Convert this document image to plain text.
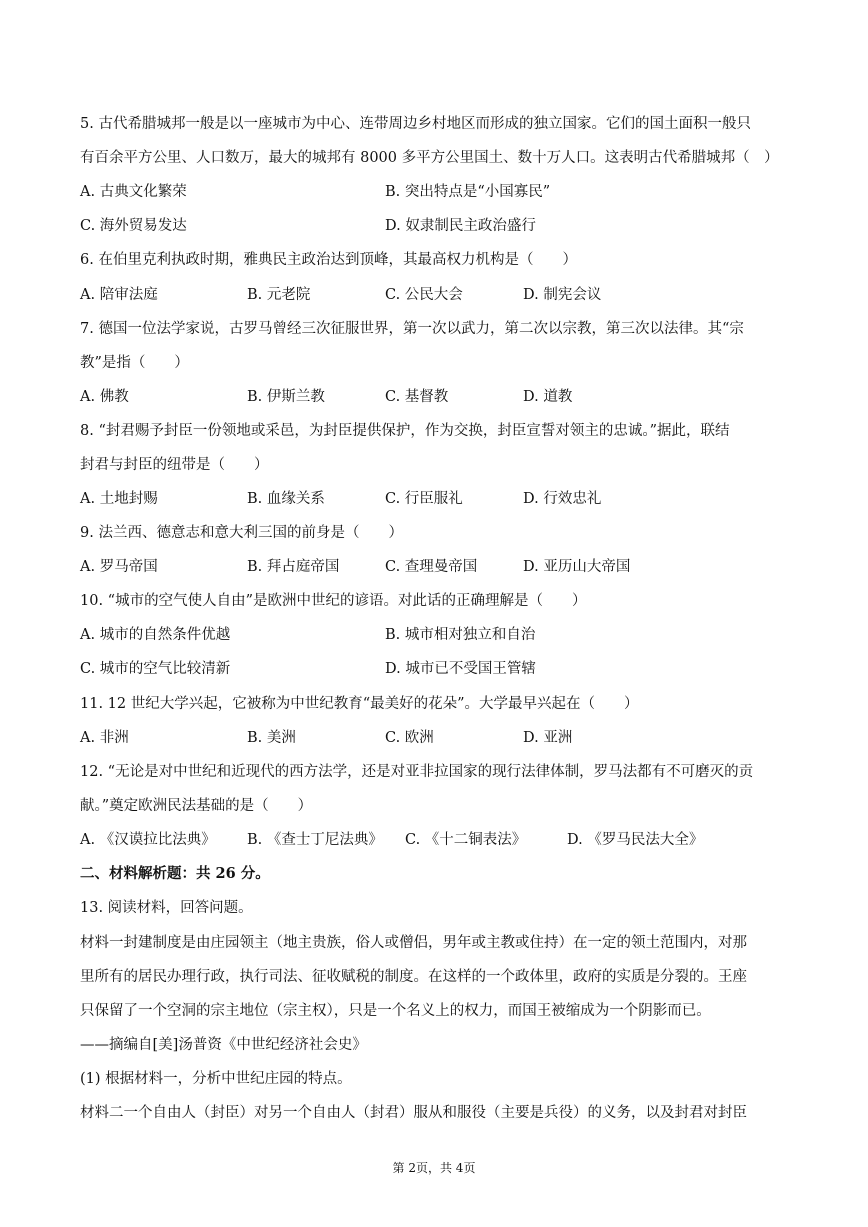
5. 古代希腊城邦一般是以一座城市为中心、连带周边乡村地区而形成的独立国家。它们的国土面积一般只
有百余平方公里、人口数万，最大的城邦有 8000 多平方公里国土、数十万人口。这表明古代希腊城邦（　）
A. 古典文化繁荣	B. 突出特点是“小国寡民”
C. 海外贸易发达	D. 奴隶制民主政治盛行
6. 在伯里克利执政时期，雅典民主政治达到顶峰，其最高权力机构是（　　）
A. 陪审法庭	B. 元老院	C. 公民大会	D. 制宪会议
7. 德国一位法学家说，古罗马曾经三次征服世界，第一次以武力，第二次以宗教，第三次以法律。其“宗
教”是指（　　）
A. 佛教	B. 伊斯兰教	C. 基督教	D. 道教
8. “封君赐予封臣一份领地或采邑，为封臣提供保护，作为交换，封臣宣誓对领主的忠诚。”据此，联结
封君与封臣的纽带是（　　）
A. 土地封赐	B. 血缘关系	C. 行臣服礼	D. 行效忠礼
9. 法兰西、德意志和意大利三国的前身是（　　）
A. 罗马帝国	B. 拜占庭帝国	C. 查理曼帝国	D. 亚历山大帝国
10. “城市的空气使人自由”是欧洲中世纪的谚语。对此话的正确理解是（　　）
A. 城市的自然条件优越	B. 城市相对独立和自治
C. 城市的空气比较清新	D. 城市已不受国王管辖
11. 12 世纪大学兴起，它被称为中世纪教育“最美好的花朵”。大学最早兴起在（　　）
A. 非洲	B. 美洲	C. 欧洲	D. 亚洲
12. “无论是对中世纪和近现代的西方法学，还是对亚非拉国家的现行法律体制，罗马法都有不可磨灭的贡
献。”奠定欧洲民法基础的是（　　）
A. 《汉谟拉比法典》 B. 《查士丁尼法典》 C. 《十二铜表法》	D. 《罗马民法大全》
二、材料解析题：共 26 分。
13. 阅读材料，回答问题。
材料一封建制度是由庄园领主（地主贵族，俗人或僧侣，男年或主教或住持）在一定的领土范围内，对那
里所有的居民办理行政，执行司法、征收赋税的制度。在这样的一个政体里，政府的实质是分裂的。王座
只保留了一个空洞的宗主地位（宗主权），只是一个名义上的权力，而国王被缩成为一个阴影而已。
——摘编自[美]汤普资《中世纪经济社会史》
(1) 根据材料一，分析中世纪庄园的特点。
材料二一个自由人（封臣）对另一个自由人（封君）服从和服役（主要是兵役）的义务，以及封君对封臣
第 2页，共 4页
